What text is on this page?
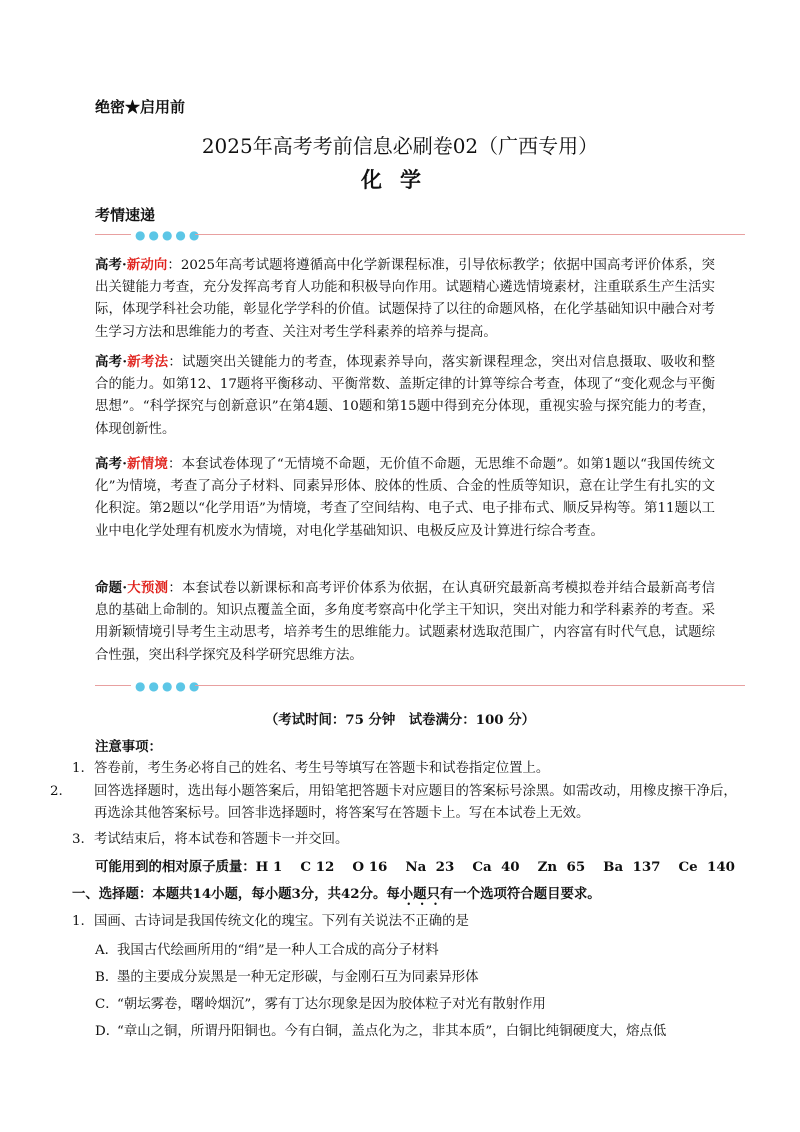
绝密★启用前
2025年高考考前信息必刷卷02（广西专用）
化学
考情速递
●●●●●
高考·新动向：2025年高考试题将遵循高中化学新课程标准，引导依标教学；依据中国高考评价体系，突出关键能力考查，充分发挥高考育人功能和积极导向作用。试题精心遴选情境素材，注重联系生产生活实际，体现学科社会功能，彰显化学学科的价值。试题保持了以往的命题风格，在化学基础知识中融合对考生学习方法和思维能力的考查、关注对考生学科素养的培养与提高。
高考·新考法：试题突出关键能力的考查，体现素养导向，落实新课程理念，突出对信息摄取、吸收和整合的能力。如第12、17题将平衡移动、平衡常数、盖斯定律的计算等综合考查，体现了“变化观念与平衡思想”。“科学探究与创新意识”在第4题、10题和第15题中得到充分体现，重视实验与探究能力的考查，体现创新性。
高考·新情境：本套试卷体现了“无情境不命题，无价值不命题，无思维不命题”。如第1题以“我国传统文化”为情境，考查了高分子材料、同素异形体、胶体的性质、合金的性质等知识，意在让学生有扎实的文化积淀。第2题以“化学用语”为情境，考查了空间结构、电子式、电子排布式、顺反异构等。第11题以工业中电化学处理有机废水为情境，对电化学基础知识、电极反应及计算进行综合考查。
命题·大预测：本套试卷以新课标和高考评价体系为依据，在认真研究最新高考模拟卷并结合最新高考信息的基础上命制的。知识点覆盖全面，多角度考察高中化学主干知识，突出对能力和学科素养的考查。采用新颖情境引导考生主动思考，培养考生的思维能力。试题素材选取范围广，内容富有时代气息，试题综合性强，突出科学探究及科学研究思维方法。
●●●●●
（考试时间：75 分钟　试卷满分：100 分）
注意事项：
1. 答卷前，考生务必将自己的姓名、考生号等填写在答题卡和试卷指定位置上。
2. 回答选择题时，选出每小题答案后，用铅笔把答题卡对应题目的答案标号涂黑。如需改动，用橡皮擦干净后，再选涂其他答案标号。回答非选择题时，将答案写在答题卡上。写在本试卷上无效。
3. 考试结束后，将本试卷和答题卡一并交回。
可能用到的相对原子质量：H 1　 C 12　 O 16　 Na  23　 Ca  40　 Zn  65　 Ba  137　 Ce  140
一、选择题：本题共14小题，每小题3分，共42分。每小题只有一个选项符合题目要求。
1. 国画、古诗词是我国传统文化的瑰宝。下列有关说法不正确的是
A．我国古代绘画所用的“绢”是一种人工合成的高分子材料
B．墨的主要成分炭黑是一种无定形碳，与金刚石互为同素异形体
C．“朝坛雾卷，曙岭烟沉”，雾有丁达尔现象是因为胶体粒子对光有散射作用
D．“章山之铜，所谓丹阳铜也。今有白铜，盖点化为之，非其本质”，白铜比纯铜硬度大，熔点低
